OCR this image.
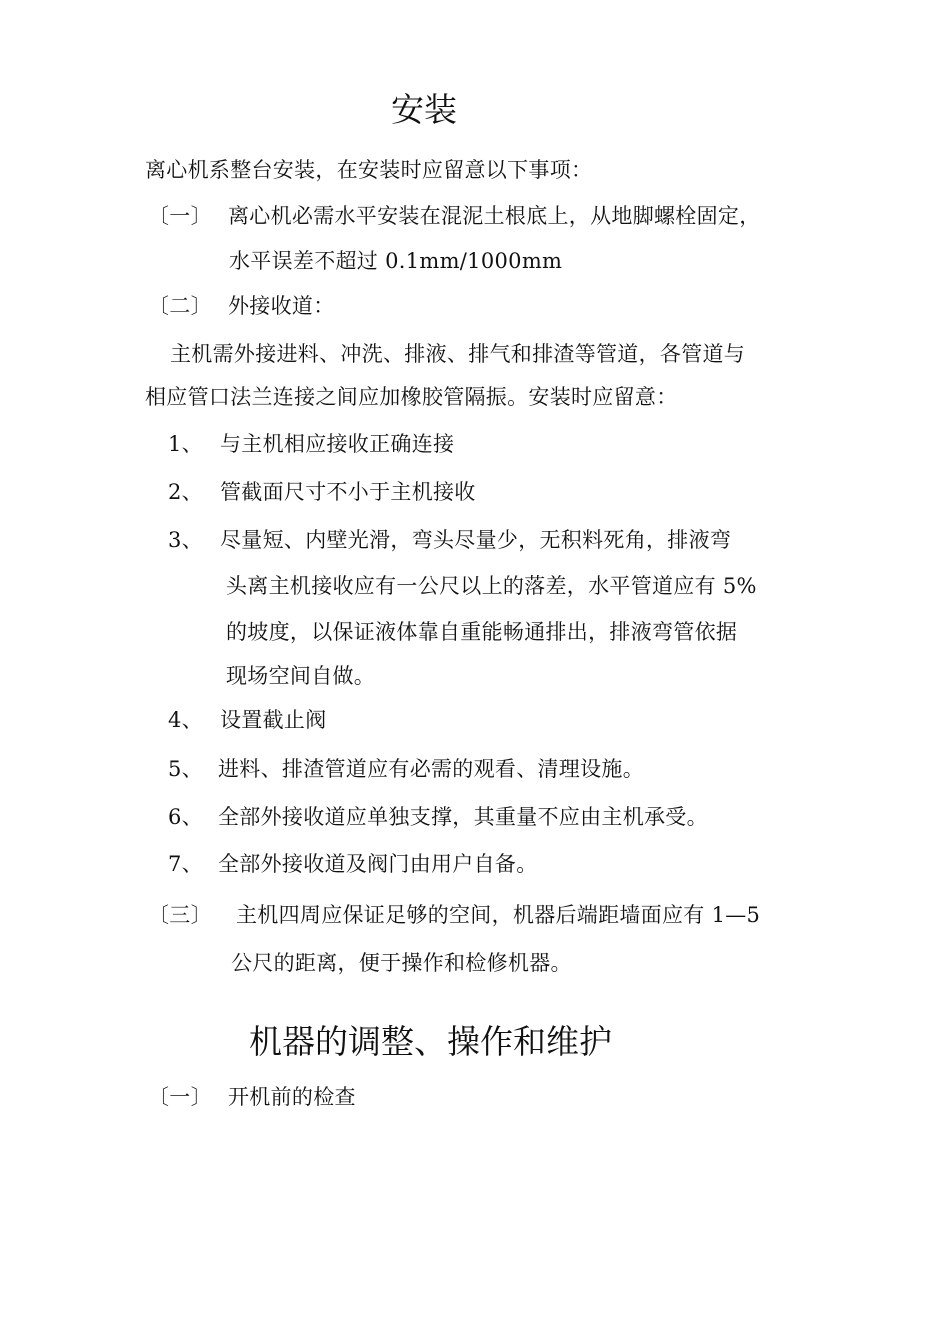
安装
离心机系整台安装，在安装时应留意以下事项：
〔一〕 离心机必需水平安装在混泥土根底上，从地脚螺栓固定，
水平误差不超过 0.1mm/1000mm
〔二〕 外接收道：
主机需外接进料、冲洗、排液、排气和排渣等管道，各管道与
相应管口法兰连接之间应加橡胶管隔振。安装时应留意：
1、 与主机相应接收正确连接
2、 管截面尺寸不小于主机接收
3、 尽量短、内壁光滑，弯头尽量少，无积料死角，排液弯
头离主机接收应有一公尺以上的落差，水平管道应有 5%
的坡度，以保证液体靠自重能畅通排出，排液弯管依据
现场空间自做。
4、 设置截止阀
5、 进料、排渣管道应有必需的观看、清理设施。
6、 全部外接收道应单独支撑，其重量不应由主机承受。
7、 全部外接收道及阀门由用户自备。
〔三〕 主机四周应保证足够的空间，机器后端距墙面应有 1—5
公尺的距离，便于操作和检修机器。
机器的调整、操作和维护
〔一〕 开机前的检查
